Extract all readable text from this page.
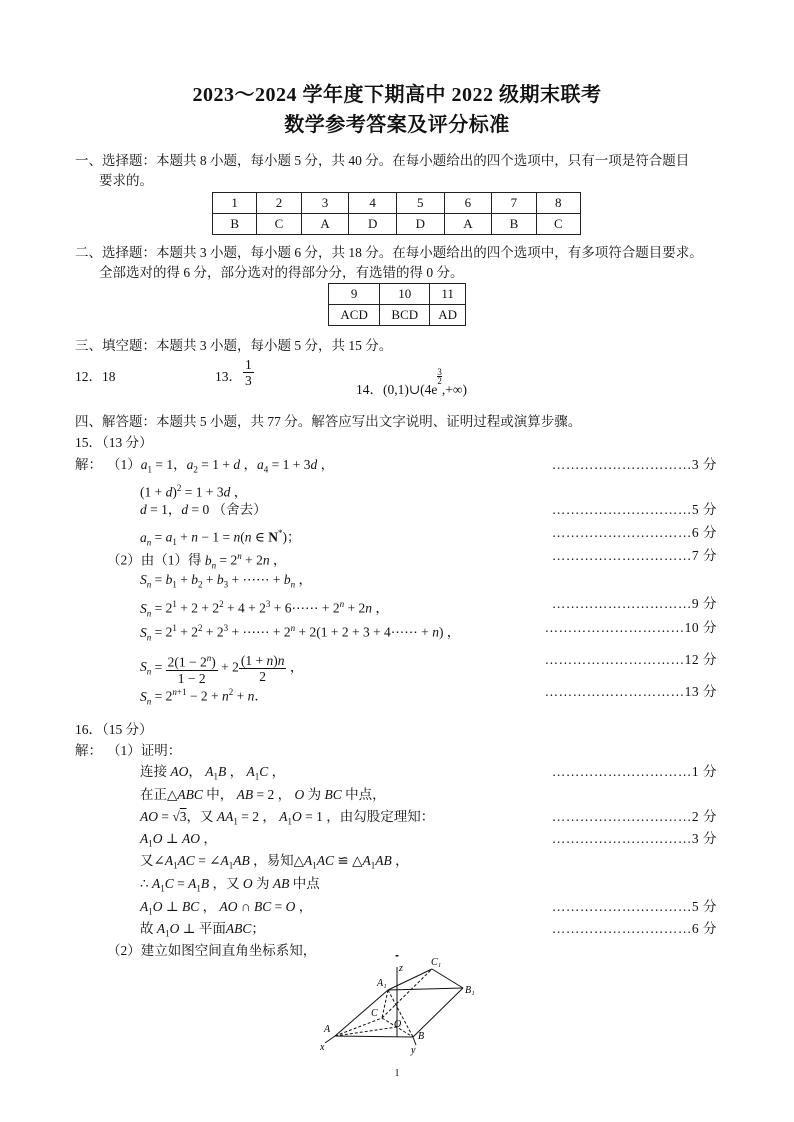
2023～2024 学年度下期高中 2022 级期末联考
数学参考答案及评分标准
一、选择题：本题共 8 小题，每小题 5 分，共 40 分。在每小题给出的四个选项中，只有一项是符合题目
要求的。
1	2	3	4	5	6	7	8
B	C	A	D	D	A	B	C
二、选择题：本题共 3 小题，每小题 6 分，共 18 分。在每小题给出的四个选项中，有多项符合题目要求。
全部选对的得 6 分，部分选对的得部分分，有选错的得 0 分。
9	10	11
ACD	BCD	AD
三、填空题：本题共 3 小题，每小题 5 分，共 15 分。
12．18	13． $\frac{1}{3}$
14．(0,1)∪(4e
$^{\frac{3}{2}}$
,+∞)
四、解答题：本题共 5 小题，共 77 分。解答应写出文字说明、证明过程或演算步骤。
15．（13 分）
解： $(1)a_1 = 1$，$a_2 = 1 + d$ ，$a_4 = 1 + 3d$ ，	…………………………3 分
$(1 + d)^2 = 1 + 3d$ ，
d = 1，d = 0 （舍去）	…………………………5 分
$a_n = a_1 + n - 1 = n(n$ ∈ N*)；	…………………………6 分
（2）由（1）得 $b_n = 2^n + 2n$ ，	…………………………7 分
$S_n = b_1 + b_2 + b_3$ + ⋯⋯ + $b_n$ ，
$S_n = 2^1 + 2 + 2^2 + 4 + 2^3$ + 6⋯⋯ + $2^n + 2n$ ，	…………………………9 分
$S_n = 2^1 + 2^2 + 2^3$ + ⋯⋯ + $2^n + 2(1 + 2 + 3$ + 4⋯⋯ + n) ，	…………………………10 分
$S_n = \frac{2(1 - 2^n)}{1 - 2} + 2 \frac{(1 + n)n}{2}$ ，	…………………………12 分
$S_n = 2^{n+1} - 2 + n^2 + n$．	…………………………13 分
16．（15 分）
解： （1）证明：
连接 AO， $A_1B$ ， $A_1C$ ，	…………………………1 分
在正△ABC 中， AB = 2 ， O 为 BC 中点，
AO = √3，又 $AA_1 = 2$ ， $A_1O = 1$ ，由勾股定理知：	…………………………2 分
$A_1O$ ⊥ AO ，	…………………………3 分
又$\angle A_1AC$ = $\angle A_1AB$ ，易知$\triangle A_1AC$ ≌ $\triangle A_1AB$ ，
∴ $A_1C = A_1B$ ，又 O 为 AB 中点
$A_1O$ ⊥ BC ， AO ∩ BC = O ，	…………………………5 分
故 $A_1O$ ⊥ 平面ABC；	…………………………6 分
（2）建立如图空间直角坐标系知，
z
C₁
A₁
B₁
C
O
A
B
x	y
1
